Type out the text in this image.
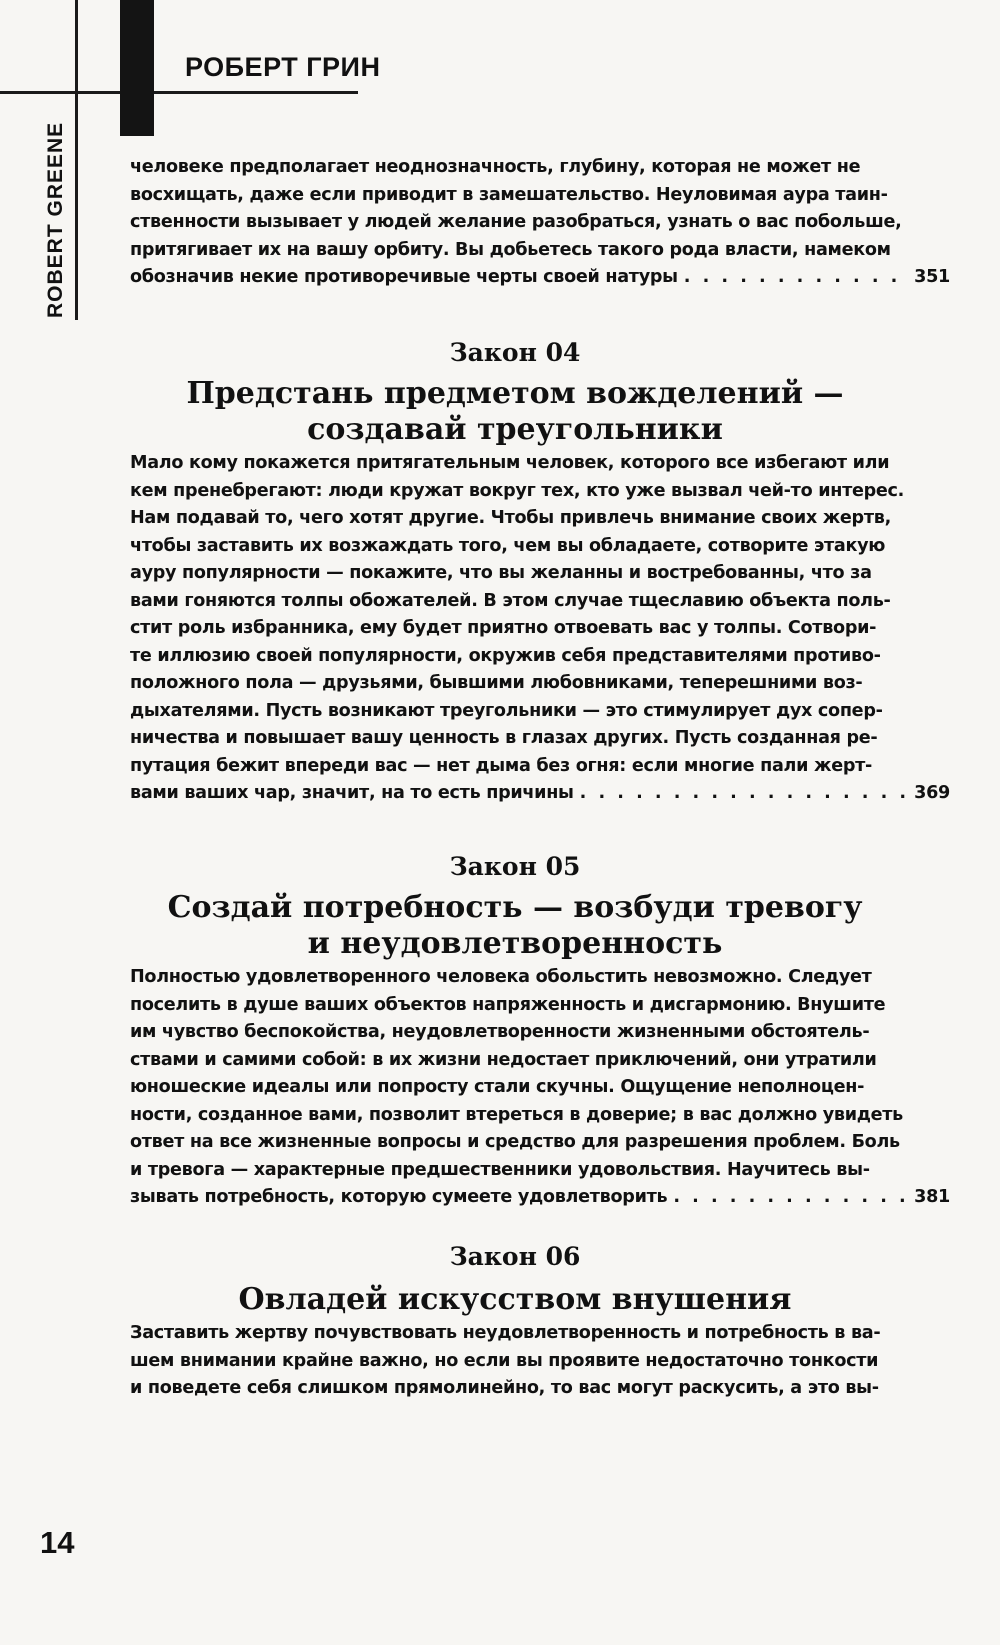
РОБЕРТ ГРИН
ROBERT GREENE	человеке предполагает неоднозначность, глубину, которая не может не
восхищать, даже если приводит в замешательство. Неуловимая аура таин-
ственности вызывает у людей желание разобраться, узнать о вас побольше,
притягивает их на вашу орбиту. Вы добьетесь такого рода власти, намеком
обозначив некие противоречивые черты своей натуры . . .	351
Закон 04
Предстань предметом вожделений —
создавай треугольники
Мало кому покажется притягательным человек, которого все избегают или
кем пренебрегают: люди кружат вокруг тех, кто уже вызвал чей-то интерес.
Нам подавай то, чего хотят другие. Чтобы привлечь внимание своих жертв,
чтобы заставить их возжаждать того, чем вы обладаете, сотворите этакую
ауру популярности — покажите, что вы желанны и востребованны, что за
вами гоняются толпы обожателей. В этом случае тщеславию объекта поль-
стит роль избранника, ему будет приятно отвоевать вас у толпы. Сотвори-
те иллюзию своей популярности, окружив себя представителями противо-
положного пола — друзьями, бывшими любовниками, теперешними воз-
дыхателями. Пусть возникают треугольники — это стимулирует дух сопер-
ничества и повышает вашу ценность в глазах других. Пусть созданная ре-
путация бежит впереди вас — нет дыма без огня: если многие пали жерт-
вами ваших чар, значит, на то есть причины . . .	369
Закон 05
Создай потребность — возбуди тревогу
и неудовлетворенность
Полностью удовлетворенного человека обольстить невозможно. Следует
поселить в душе ваших объектов напряженность и дисгармонию. Внушите
им чувство беспокойства, неудовлетворенности жизненными обстоятель-
ствами и самими собой: в их жизни недостает приключений, они утратили
юношеские идеалы или попросту стали скучны. Ощущение неполноцен-
ности, созданное вами, позволит втереться в доверие; в вас должно увидеть
ответ на все жизненные вопросы и средство для разрешения проблем. Боль
и тревога — характерные предшественники удовольствия. Научитесь вы-
зывать потребность, которую сумеете удовлетворить . . .	381
Закон 06
Овладей искусством внушения
Заставить жертву почувствовать неудовлетворенность и потребность в ва-
шем внимании крайне важно, но если вы проявите недостаточно тонкости
и поведете себя слишком прямолинейно, то вас могут раскусить, а это вы-
14
